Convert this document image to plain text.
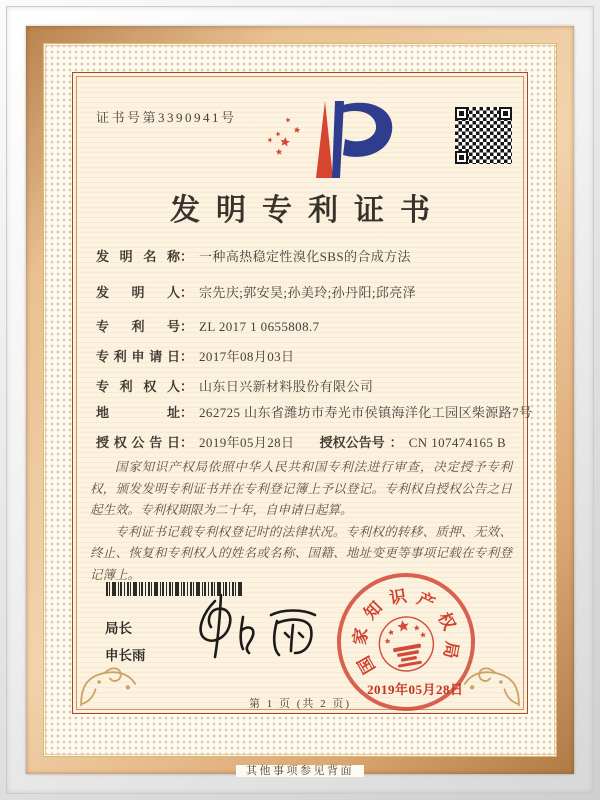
其他事项参见背面
证书号第3390941号
发明专利证书
发明名称： 一种高热稳定性溴化SBS的合成方法
发明人： 宗先庆;郭安昊;孙美玲;孙丹阳;邱亮泽
专利号： ZL 2017 1 0655808.7
专利申请日： 2017年08月03日
专利权人： 山东日兴新材料股份有限公司
地址： 262725 山东省潍坊市寿光市侯镇海洋化工园区柴源路7号
授权公告日： 2019年05月28日 授权公告号 ： CN 107474165 B

国家知识产权局依照中华人民共和国专利法进行审查，决定授予专利权，颁发发明专利证书并在专利登记簿上予以登记。专利权自授权公告之日起生效。专利权期限为二十年，自申请日起算。

专利证书记载专利权登记时的法律状况。专利权的转移、质押、无效、终止、恢复和专利权人的姓名或名称、国籍、地址变更等事项记载在专利登记簿上。

局长
申长雨	国
家
知
识 产
权
局
2019年05月28日
第 1 页 (共 2 页)
